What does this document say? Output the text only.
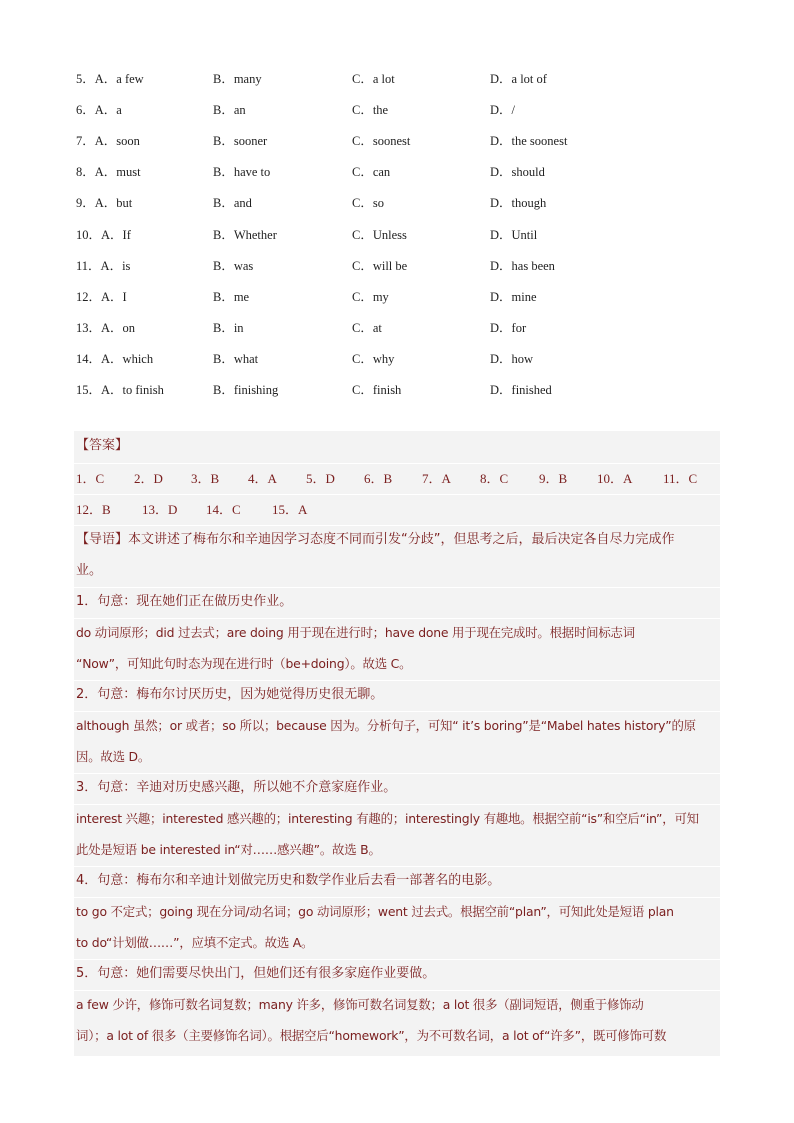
5．A．a few	B．many	C．a lot	D．a lot of
6．A．a	B．an	C．the	D．/
7．A．soon	B．sooner	C．soonest	D．the soonest
8．A．must	B．have to	C．can	D．should
9．A．but	B．and	C．so	D．though
10．A．If	B．Whether	C．Unless	D．Until
11．A．is	B．was	C．will be	D．has been
12．A．I	B．me	C．my	D．mine
13．A．on	B．in	C．at	D．for
14．A．which	B．what	C．why	D．how
15．A．to finish	B．finishing	C．finish	D．finished
【答案】
1．C	2．D	3．B	4．A	5．D	6．B	7．A	8．C	9．B	10．A	11．C
12．B	13．D	14．C	15．A
【导语】本文讲述了梅布尔和辛迪因学习态度不同而引发“分歧”，但思考之后，最后决定各自尽力完成作
业。
1．句意：现在她们正在做历史作业。
do 动词原形；did 过去式；are doing 用于现在进行时；have done 用于现在完成时。根据时间标志词
“Now”，可知此句时态为现在进行时（be+doing）。故选 C。
2．句意：梅布尔讨厌历史，因为她觉得历史很无聊。
although 虽然；or 或者；so 所以；because 因为。分析句子，可知“ it’s boring”是“Mabel hates history”的原
因。故选 D。
3．句意：辛迪对历史感兴趣，所以她不介意家庭作业。
interest 兴趣；interested 感兴趣的；interesting 有趣的；interestingly 有趣地。根据空前“is”和空后“in”，可知
此处是短语 be interested in“对……感兴趣”。故选 B。
4．句意：梅布尔和辛迪计划做完历史和数学作业后去看一部著名的电影。
to go 不定式；going 现在分词/动名词；go 动词原形；went 过去式。根据空前“plan”，可知此处是短语 plan
to do“计划做……”，应填不定式。故选 A。
5．句意：她们需要尽快出门，但她们还有很多家庭作业要做。
a few 少许，修饰可数名词复数；many 许多，修饰可数名词复数；a lot 很多（副词短语，侧重于修饰动
词）；a lot of 很多（主要修饰名词）。根据空后“homework”，为不可数名词，a lot of“许多”，既可修饰可数
